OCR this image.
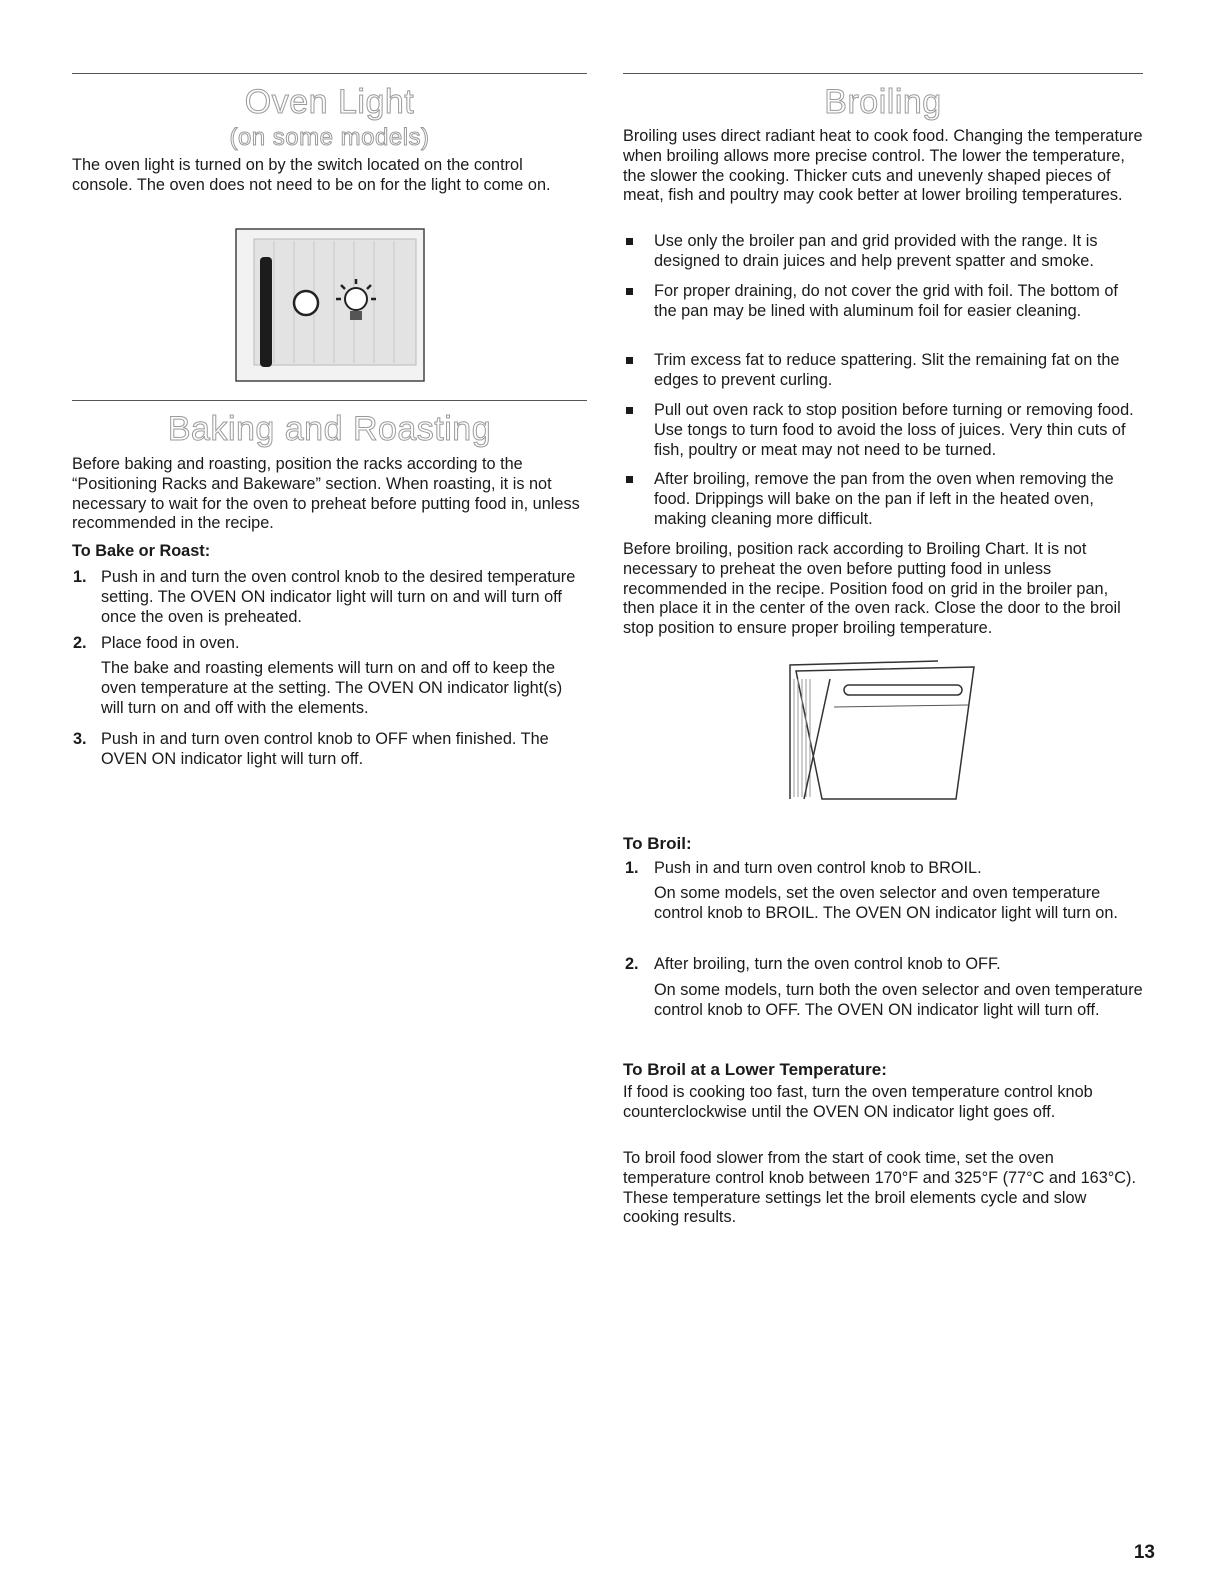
Oven Light
(on some models)

The oven light is turned on by the switch located on the control console. The oven does not need to be on for the light to come on.

Baking and Roasting

Before baking and roasting, position the racks according to the “Positioning Racks and Bakeware” section. When roasting, it is not necessary to wait for the oven to preheat before putting food in, unless recommended in the recipe.

To Bake or Roast:
1. Push in and turn the oven control knob to the desired temperature setting. The OVEN ON indicator light will turn on and will turn off once the oven is preheated.

2. Place food in oven.

The bake and roasting elements will turn on and off to keep the oven temperature at the setting. The OVEN ON indicator light(s) will turn on and off with the elements.

3. Push in and turn oven control knob to OFF when finished. The OVEN ON indicator light will turn off.

Broiling

Broiling uses direct radiant heat to cook food. Changing the temperature when broiling allows more precise control. The lower the temperature, the slower the cooking. Thicker cuts and unevenly shaped pieces of meat, fish and poultry may cook better at lower broiling temperatures.

Use only the broiler pan and grid provided with the range. It is designed to drain juices and help prevent spatter and smoke.

For proper draining, do not cover the grid with foil. The bottom of the pan may be lined with aluminum foil for easier cleaning.

Trim excess fat to reduce spattering. Slit the remaining fat on the edges to prevent curling.

Pull out oven rack to stop position before turning or removing food. Use tongs to turn food to avoid the loss of juices. Very thin cuts of fish, poultry or meat may not need to be turned.

After broiling, remove the pan from the oven when removing the food. Drippings will bake on the pan if left in the heated oven, making cleaning more difficult.

Before broiling, position rack according to Broiling Chart. It is not necessary to preheat the oven before putting food in unless recommended in the recipe. Position food on grid in the broiler pan, then place it in the center of the oven rack. Close the door to the broil stop position to ensure proper broiling temperature.

To Broil:
1. Push in and turn oven control knob to BROIL.

On some models, set the oven selector and oven temperature control knob to BROIL. The OVEN ON indicator light will turn on.

2. After broiling, turn the oven control knob to OFF.

On some models, turn both the oven selector and oven temperature control knob to OFF. The OVEN ON indicator light will turn off.

To Broil at a Lower Temperature:

If food is cooking too fast, turn the oven temperature control knob counterclockwise until the OVEN ON indicator light goes off.

To broil food slower from the start of cook time, set the oven temperature control knob between 170°F and 325°F (77°C and 163°C). These temperature settings let the broil elements cycle and slow cooking results.

13
